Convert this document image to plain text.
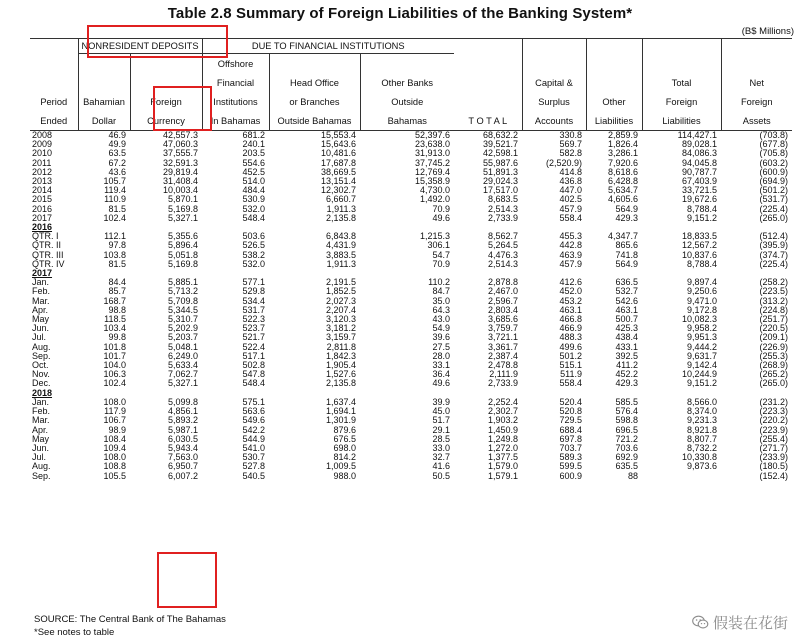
Table 2.8 Summary of Foreign Liabilities of the Banking System*
(B$ Millions)
	NONRESIDENT DEPOSITS		DUE TO FINANCIAL INSTITUTIONS							
			Offshore							
			Financial	Head Office	Other Banks		Capital &		Total	Net
Period	Bahamian	Foreign	Institutions	or Branches	Outside		Surplus	Other	Foreign	Foreign
Ended	Dollar	Currency	In Bahamas	Outside Bahamas	Bahamas	T O T A L	Accounts	Liabilities	Liabilities	Assets
2008	46.9	42,557.3	681.2	15,553.4	52,397.6	68,632.2	330.8	2,859.9	114,427.1	(703.8)
2009	49.9	47,060.3	240.1	15,643.6	23,638.0	39,521.7	569.7	1,826.4	89,028.1	(677.8)
2010	63.5	37,555.7	203.5	10,481.6	31,913.0	42,598.1	582.8	3,286.1	84,086.3	(705.8)
2011	67.2	32,591.3	554.6	17,687.8	37,745.2	55,987.6	(2,520.9)	7,920.6	94,045.8	(603.2)
2012	43.6	29,819.4	452.5	38,669.5	12,769.4	51,891.3	414.8	8,618.6	90,787.7	(600.9)
2013	105.7	31,408.4	514.0	13,151.4	15,358.9	29,024.3	436.8	6,428.8	67,403.9	(694.9)
2014	119.4	10,003.4	484.4	12,302.7	4,730.0	17,517.0	447.0	5,634.7	33,721.5	(501.2)
2015	110.9	5,870.1	530.9	6,660.7	1,492.0	8,683.5	402.5	4,605.6	19,672.6	(531.7)
2016	81.5	5,169.8	532.0	1,911.3	70.9	2,514.3	457.9	564.9	8,788.4	(225.4)
2017	102.4	5,327.1	548.4	2,135.8	49.6	2,733.9	558.4	429.3	9,151.2	(265.0)
2016										
QTR. I	112.1	5,355.6	503.6	6,843.8	1,215.3	8,562.7	455.3	4,347.7	18,833.5	(512.4)
QTR. II	97.8	5,896.4	526.5	4,431.9	306.1	5,264.5	442.8	865.6	12,567.2	(395.9)
QTR. III	103.8	5,051.8	538.2	3,883.5	54.7	4,476.3	463.9	741.8	10,837.6	(374.7)
QTR. IV	81.5	5,169.8	532.0	1,911.3	70.9	2,514.3	457.9	564.9	8,788.4	(225.4)
2017										
Jan.	84.4	5,885.1	577.1	2,191.5	110.2	2,878.8	412.6	636.5	9,897.4	(258.2)
Feb.	85.7	5,713.2	529.8	1,852.5	84.7	2,467.0	452.0	532.7	9,250.6	(223.5)
Mar.	168.7	5,709.8	534.4	2,027.3	35.0	2,596.7	453.2	542.6	9,471.0	(313.2)
Apr.	98.8	5,344.5	531.7	2,207.4	64.3	2,803.4	463.1	463.1	9,172.8	(224.8)
May	118.5	5,310.7	522.3	3,120.3	43.0	3,685.6	466.8	500.7	10,082.3	(251.7)
Jun.	103.4	5,202.9	523.7	3,181.2	54.9	3,759.7	466.9	425.3	9,958.2	(220.5)
Jul.	99.8	5,203.7	521.7	3,159.7	39.6	3,721.1	488.3	438.4	9,951.3	(209.1)
Aug.	101.8	5,048.1	522.4	2,811.8	27.5	3,361.7	499.6	433.1	9,444.2	(226.9)
Sep.	101.7	6,249.0	517.1	1,842.3	28.0	2,387.4	501.2	392.5	9,631.7	(255.3)
Oct.	104.0	5,633.4	502.8	1,905.4	33.1	2,478.8	515.1	411.2	9,142.4	(268.9)
Nov.	106.3	7,062.7	547.8	1,527.6	36.4	2,111.9	511.9	452.2	10,244.9	(265.2)
Dec.	102.4	5,327.1	548.4	2,135.8	49.6	2,733.9	558.4	429.3	9,151.2	(265.0)
2018										
Jan.	108.0	5,099.8	575.1	1,637.4	39.9	2,252.4	520.4	585.5	8,566.0	(231.2)
Feb.	117.9	4,856.1	563.6	1,694.1	45.0	2,302.7	520.8	576.4	8,374.0	(223.3)
Mar.	106.7	5,893.2	549.6	1,301.9	51.7	1,903.2	729.5	598.8	9,231.3	(220.2)
Apr.	98.9	5,987.1	542.2	879.6	29.1	1,450.9	688.4	696.5	8,921.8	(223.9)
May	108.4	6,030.5	544.9	676.5	28.5	1,249.8	697.8	721.2	8,807.7	(255.4)
Jun.	109.4	5,943.4	541.0	698.0	33.0	1,272.0	703.7	703.6	8,732.2	(271.7)
Jul.	108.0	7,563.0	530.7	814.2	32.7	1,377.5	589.3	692.9	10,330.8	(233.9)
Aug.	108.8	6,950.7	527.8	1,009.5	41.6	1,579.0	599.5	635.5	9,873.6	(180.5)
Sep.	105.5	6,007.2	540.5	988.0	50.5	1,579.1	600.9	88		(152.4)
SOURCE: The Central Bank of The Bahamas
*See notes to table
假装在花街
